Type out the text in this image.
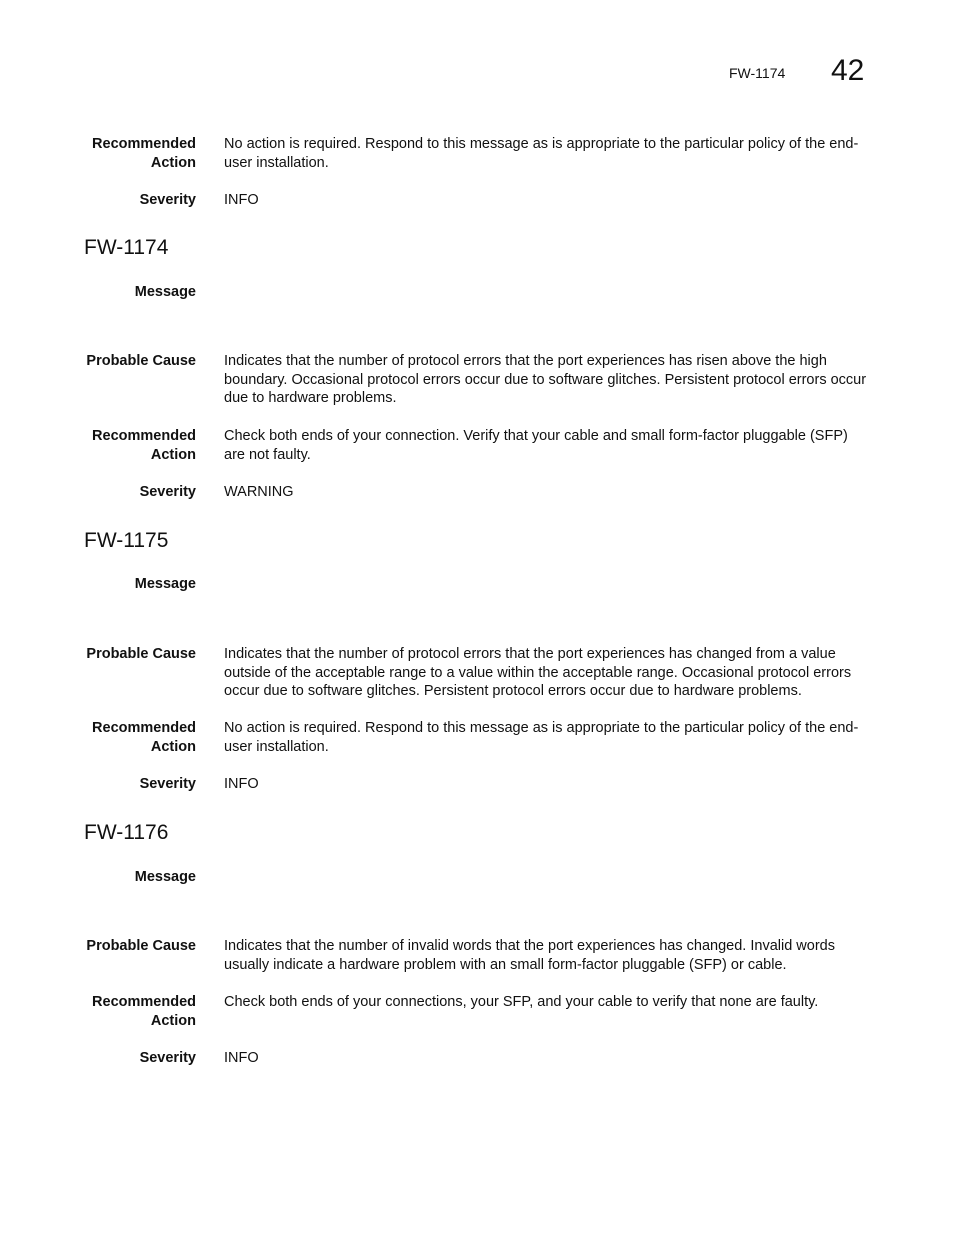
FW-1174 42
Recommended
Action
No action is required. Respond to this message as is appropriate to the particular policy of the end-user installation.
Severity INFO
FW-1174
Message
Probable Cause Indicates that the number of protocol errors that the port experiences has risen above the high boundary. Occasional protocol errors occur due to software glitches. Persistent protocol errors occur due to hardware problems.
Recommended
Action
Check both ends of your connection. Verify that your cable and small form-factor pluggable (SFP) are not faulty.
Severity WARNING
FW-1175
Message
Probable Cause Indicates that the number of protocol errors that the port experiences has changed from a value outside of the acceptable range to a value within the acceptable range. Occasional protocol errors occur due to software glitches. Persistent protocol errors occur due to hardware problems.
Recommended
Action
No action is required. Respond to this message as is appropriate to the particular policy of the end-user installation.
Severity INFO
FW-1176
Message
Probable Cause Indicates that the number of invalid words that the port experiences has changed. Invalid words usually indicate a hardware problem with an small form-factor pluggable (SFP) or cable.
Recommended
Action
Check both ends of your connections, your SFP, and your cable to verify that none are faulty.
Severity INFO
